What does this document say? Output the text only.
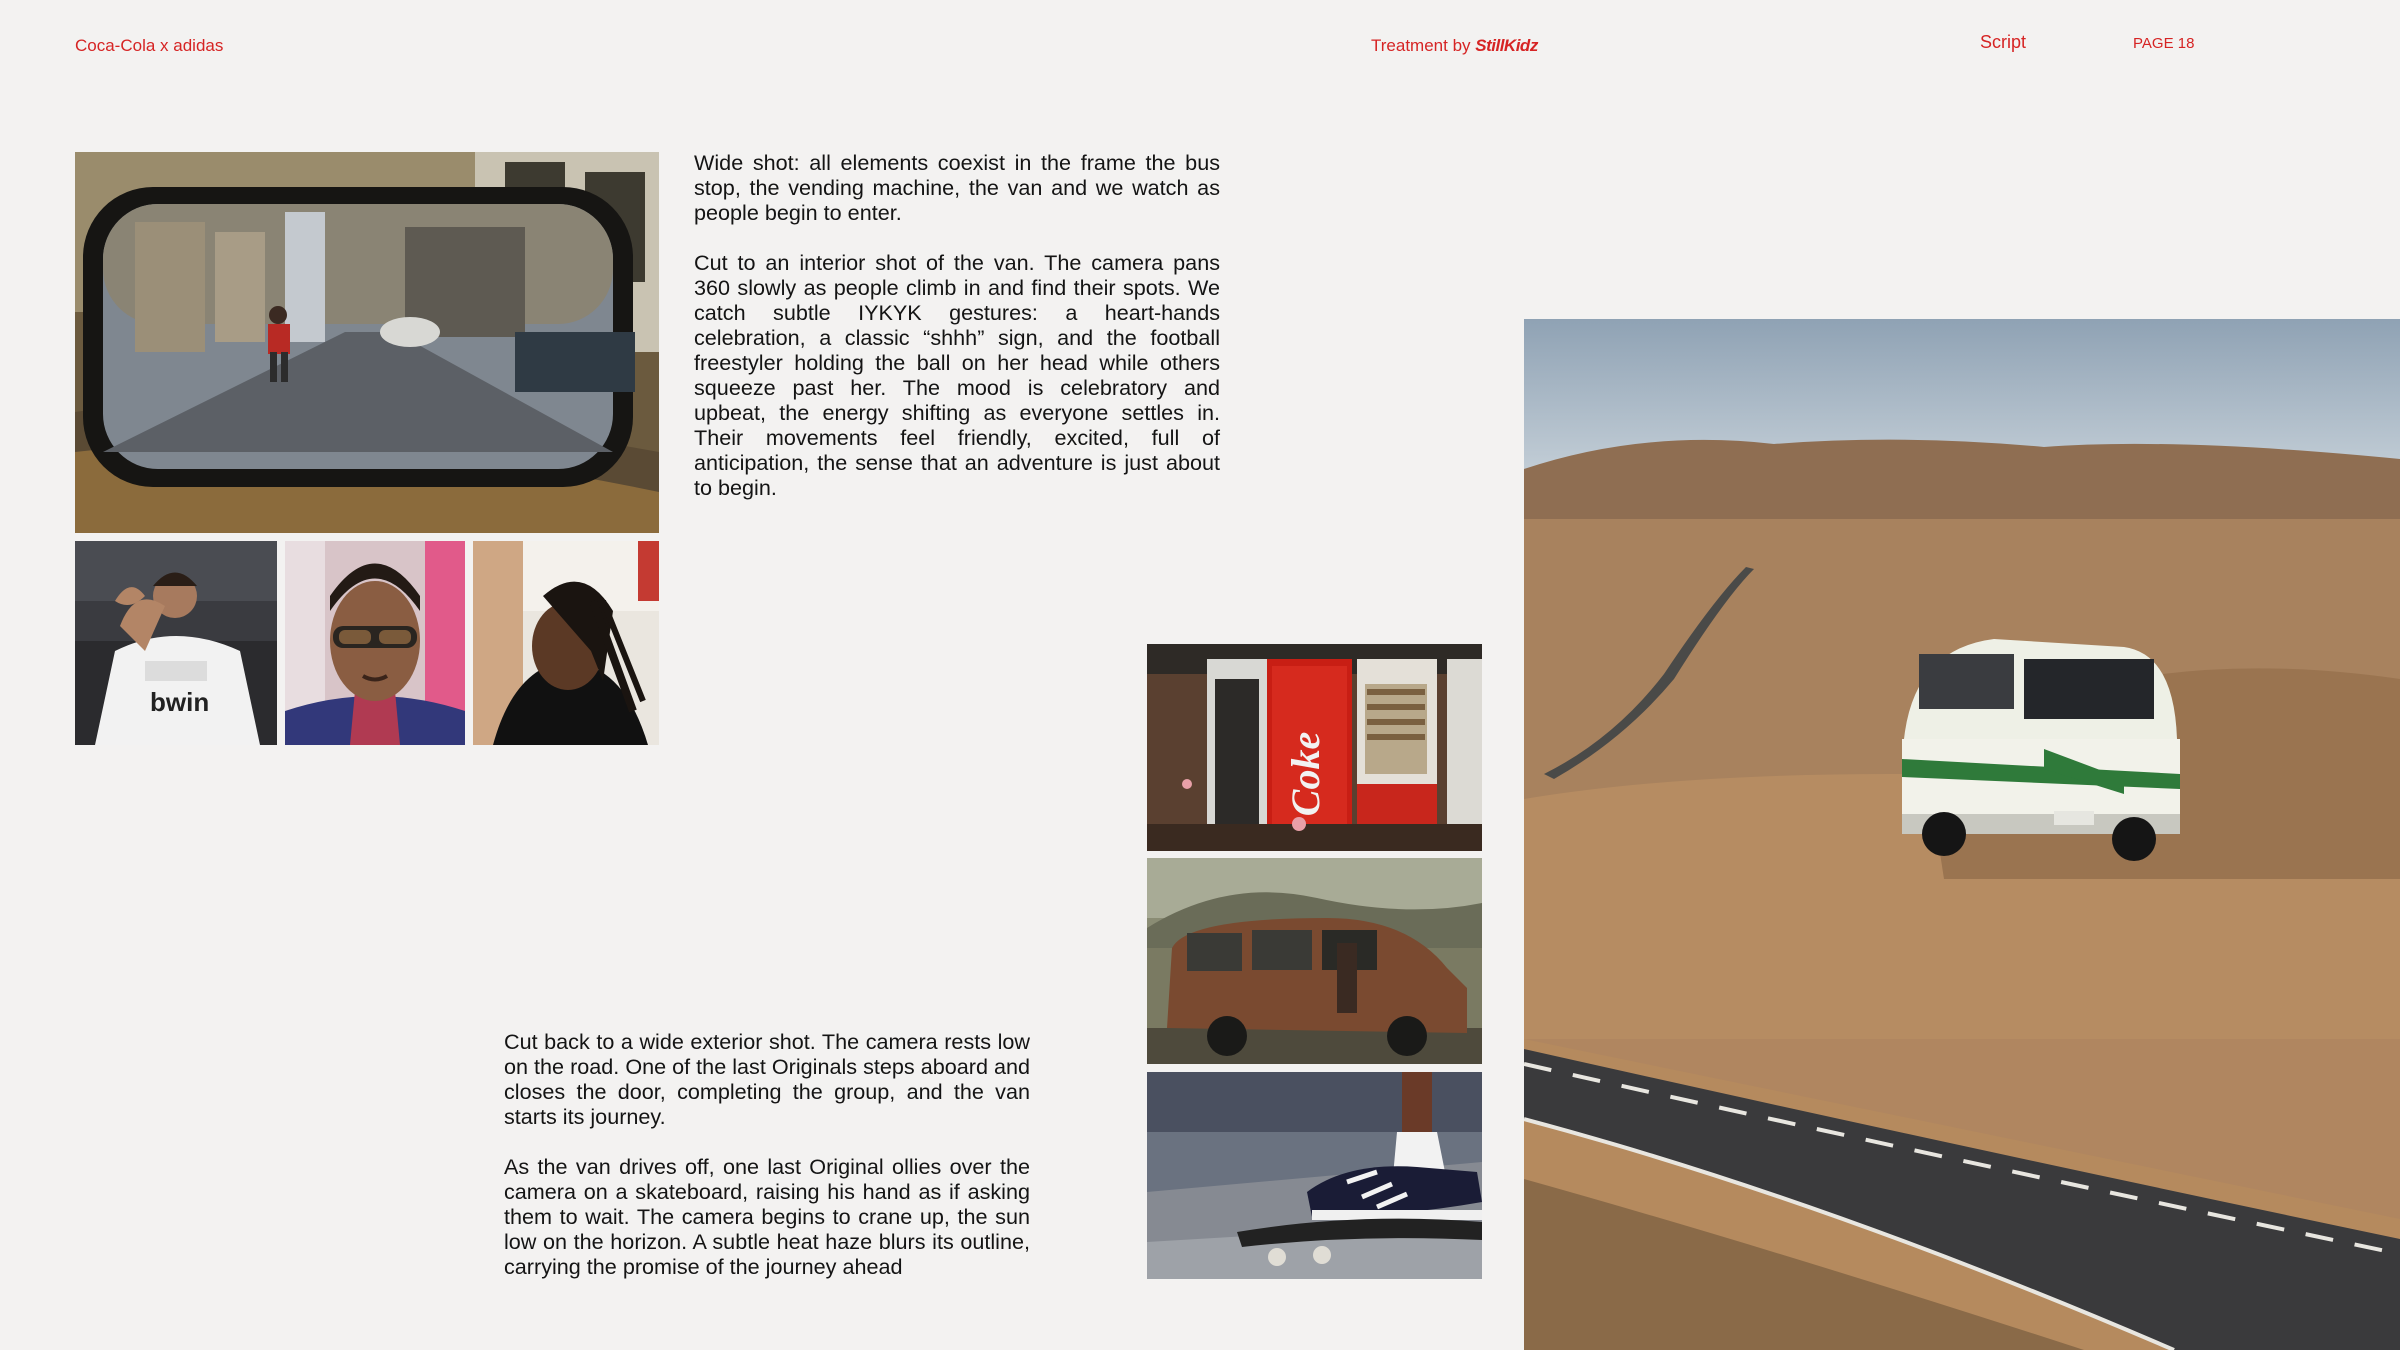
Coca-Cola x adidas	Treatment by StillKidz	Script	PAGE 18

Wide shot: all elements coexist in the frame the bus stop, the vending machine, the van and we watch as people begin to enter.

Cut to an interior shot of the van. The camera pans 360 slowly as people climb in and find their spots. We catch subtle IYKYK gestures: a heart-hands celebration, a classic “shhh” sign, and the football freestyler holding the ball on her head while others squeeze past her. The mood is celebratory and upbeat, the energy shifting as everyone settles in. Their movements feel friendly, excited, full of anticipation, the sense that an adventure is just about to begin.

Cut back to a wide exterior shot. The camera rests low on the road. One of the last Originals steps aboard and closes the door, completing the group, and the van starts its journey.

As the van drives off, one last Original ollies over the camera on a skateboard, raising his hand as if asking them to wait. The camera begins to crane up, the sun low on the horizon. A subtle heat haze blurs its outline, carrying the promise of the journey ahead

bwin
Coke
